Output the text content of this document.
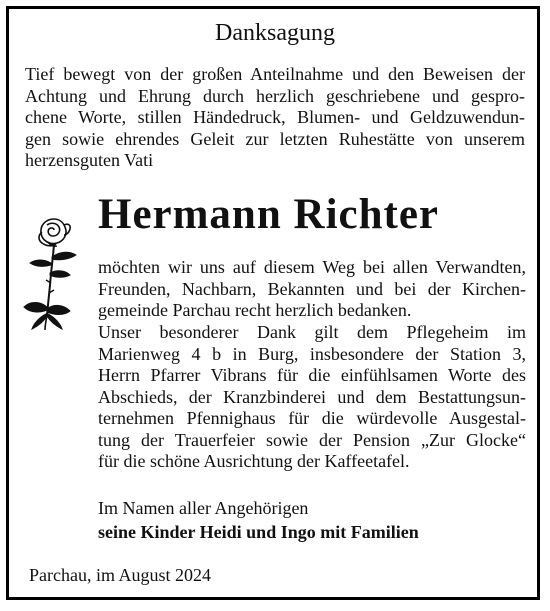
Danksagung
Tief bewegt von der großen Anteilnahme und den Beweisen der
Achtung und Ehrung durch herzlich geschriebene und gespro-
chene Worte, stillen Händedruck, Blumen- und Geldzuwendun-
gen sowie ehrendes Geleit zur letzten Ruhestätte von unserem
herzensguten Vati
Hermann Richter
möchten wir uns auf diesem Weg bei allen Verwandten,
Freunden, Nachbarn, Bekannten und bei der Kirchen-
gemeinde Parchau recht herzlich bedanken.
Unser besonderer Dank gilt dem Pflegeheim im
Marienweg 4 b in Burg, insbesondere der Station 3,
Herrn Pfarrer Vibrans für die einfühlsamen Worte des
Abschieds, der Kranzbinderei und dem Bestattungsun-
ternehmen Pfennighaus für die würdevolle Ausgestal-
tung der Trauerfeier sowie der Pension „Zur Glocke“
für die schöne Ausrichtung der Kaffeetafel.
Im Namen aller Angehörigen
seine Kinder Heidi und Ingo mit Familien
Parchau, im August 2024
